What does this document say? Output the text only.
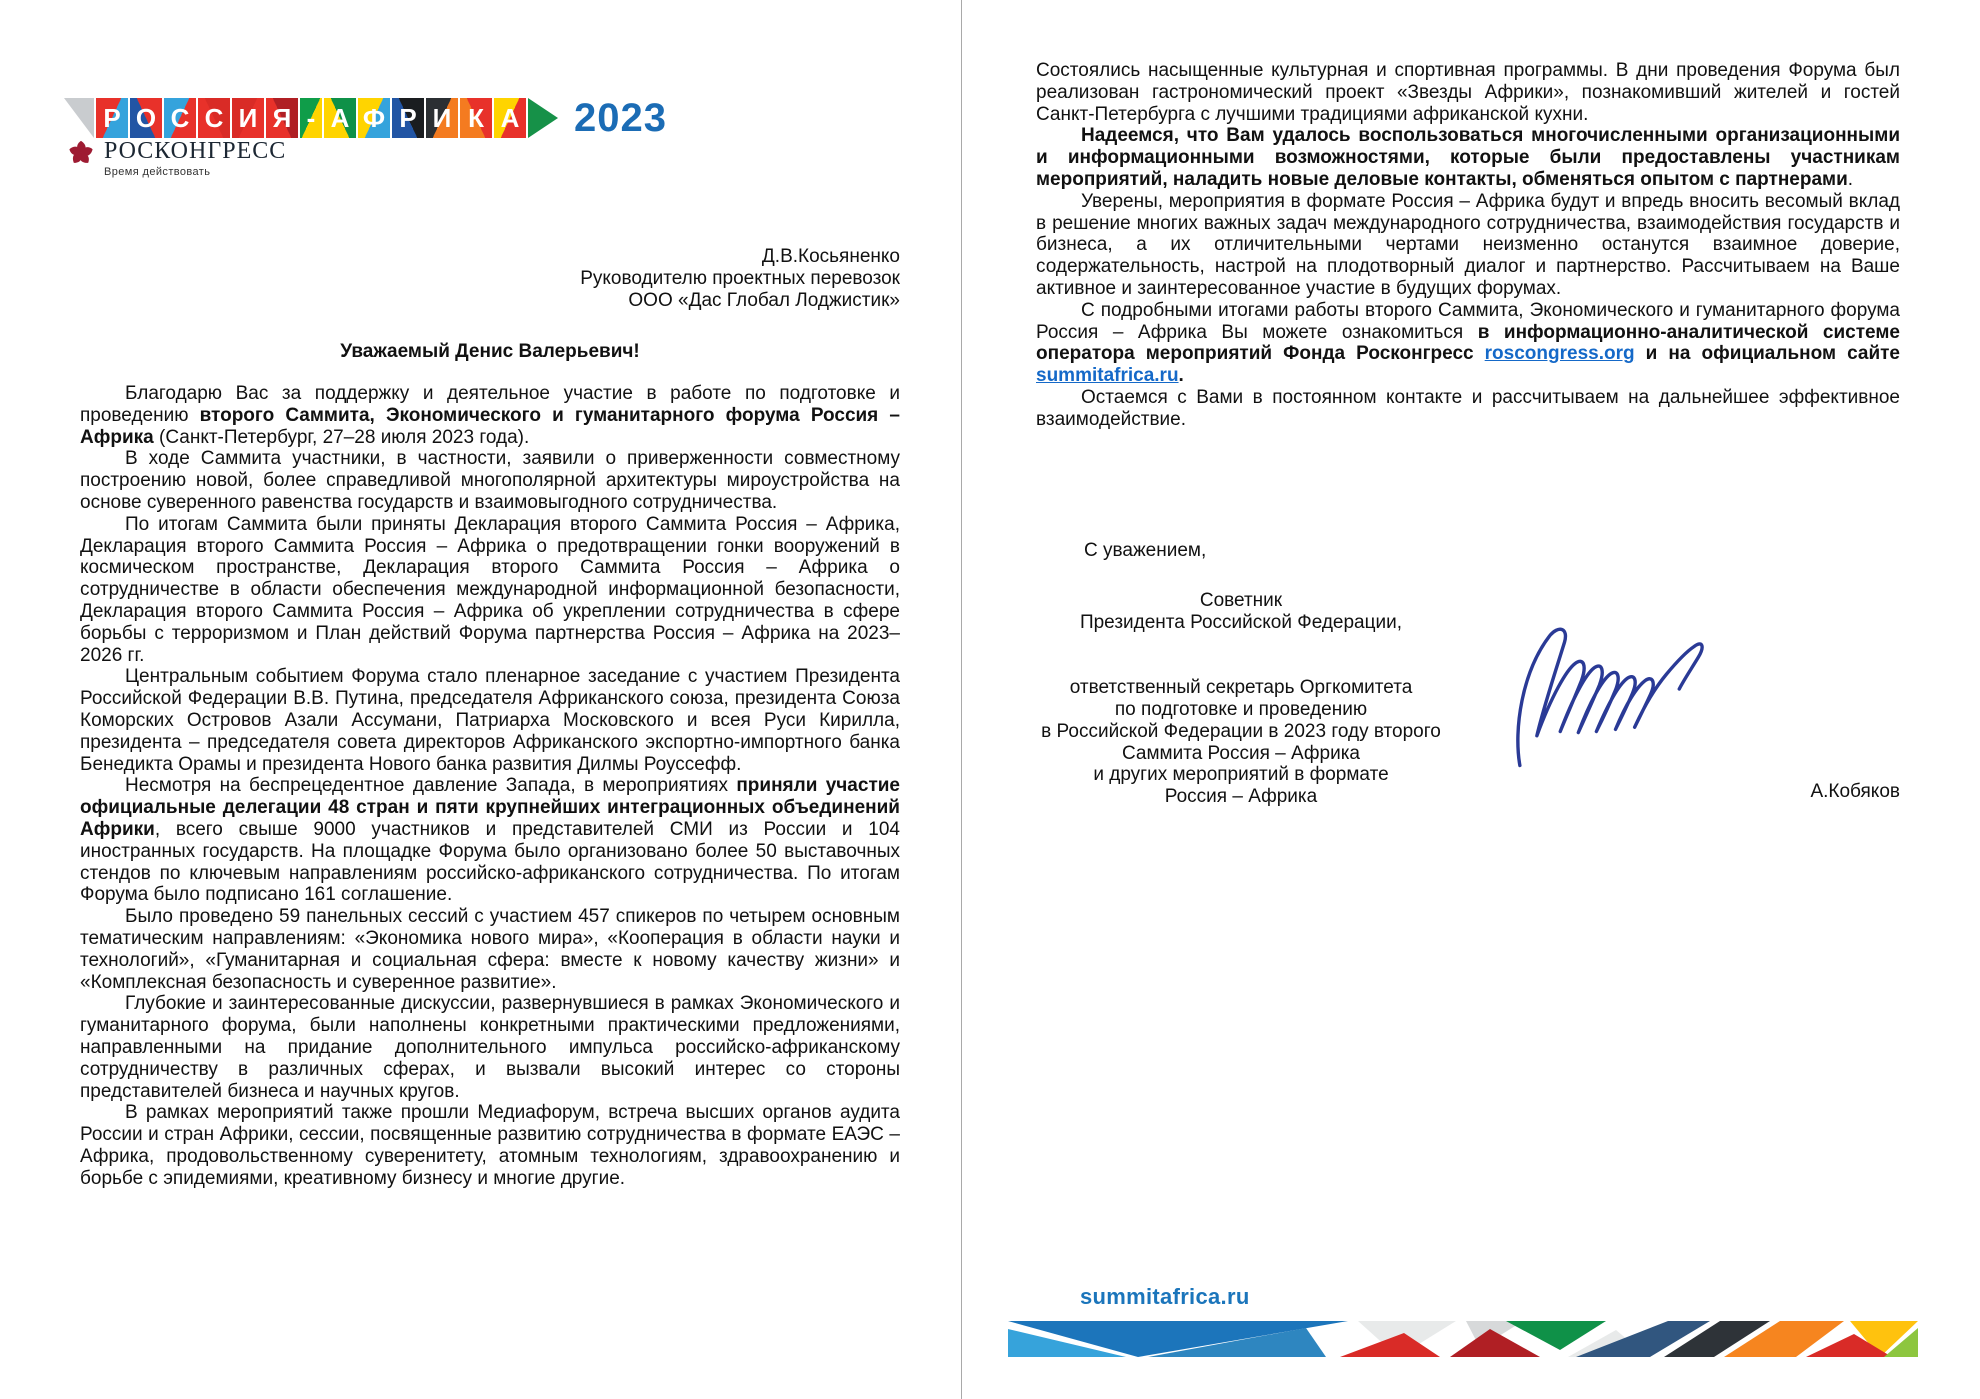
Р О С С И Я - А Ф Р И К А 2023
РОСКОНГРЕСС
Время действовать
Д.В.Косьяненко
Руководителю проектных перевозок
ООО «Дас Глобал Лоджистик»
Уважаемый Денис Валерьевич!

Благодарю Вас за поддержку и деятельное участие в работе по подготовке и проведению второго Саммита, Экономического и гуманитарного форума Россия – Африка (Санкт-Петербург, 27–28 июля 2023 года).

В ходе Саммита участники, в частности, заявили о приверженности совместному построению новой, более справедливой многополярной архитектуры мироустройства на основе суверенного равенства государств и взаимовыгодного сотрудничества.

По итогам Саммита были приняты Декларация второго Саммита Россия – Африка, Декларация второго Саммита Россия – Африка о предотвращении гонки вооружений в космическом пространстве, Декларация второго Саммита Россия – Африка о сотрудничестве в области обеспечения международной информационной безопасности, Декларация второго Саммита Россия – Африка об укреплении сотрудничества в сфере борьбы с терроризмом и План действий Форума партнерства Россия – Африка на 2023–2026 гг.

Центральным событием Форума стало пленарное заседание с участием Президента Российской Федерации В.В. Путина, председателя Африканского союза, президента Союза Коморских Островов Азали Ассумани, Патриарха Московского и всея Руси Кирилла, президента – председателя совета директоров Африканского экспортно-импортного банка Бенедикта Орамы и президента Нового банка развития Дилмы Роуссефф.

Несмотря на беспрецедентное давление Запада, в мероприятиях приняли участие официальные делегации 48 стран и пяти крупнейших интеграционных объединений Африки, всего свыше 9000 участников и представителей СМИ из России и 104 иностранных государств. На площадке Форума было организовано более 50 выставочных стендов по ключевым направлениям российско-африканского сотрудничества. По итогам Форума было подписано 161 соглашение.

Было проведено 59 панельных сессий с участием 457 спикеров по четырем основным тематическим направлениям: «Экономика нового мира», «Кооперация в области науки и технологий», «Гуманитарная и социальная сфера: вместе к новому качеству жизни» и «Комплексная безопасность и суверенное развитие».

Глубокие и заинтересованные дискуссии, развернувшиеся в рамках Экономического и гуманитарного форума, были наполнены конкретными практическими предложениями, направленными на придание дополнительного импульса российско-африканскому сотрудничеству в различных сферах, и вызвали высокий интерес со стороны представителей бизнеса и научных кругов.

В рамках мероприятий также прошли Медиафорум, встреча высших органов аудита России и стран Африки, сессии, посвященные развитию сотрудничества в формате ЕАЭС – Африка, продовольственному суверенитету, атомным технологиям, здравоохранению и борьбе с эпидемиями, креативному бизнесу и многие другие.

Состоялись насыщенные культурная и спортивная программы. В дни проведения Форума был реализован гастрономический проект «Звезды Африки», познакомивший жителей и гостей Санкт-Петербурга с лучшими традициями африканской кухни.

Надеемся, что Вам удалось воспользоваться многочисленными организационными и информационными возможностями, которые были предоставлены участникам мероприятий, наладить новые деловые контакты, обменяться опытом с партнерами.

Уверены, мероприятия в формате Россия – Африка будут и впредь вносить весомый вклад в решение многих важных задач международного сотрудничества, взаимодействия государств и бизнеса, а их отличительными чертами неизменно останутся взаимное доверие, содержательность, настрой на плодотворный диалог и партнерство. Рассчитываем на Ваше активное и заинтересованное участие в будущих форумах.

С подробными итогами работы второго Саммита, Экономического и гуманитарного форума Россия – Африка Вы можете ознакомиться в информационно-аналитической системе оператора мероприятий Фонда Росконгресс roscongress.org и на официальном сайте summitafrica.ru.

Остаемся с Вами в постоянном контакте и рассчитываем на дальнейшее эффективное взаимодействие.

С уважением,
Советник
Президента Российской Федерации,

ответственный секретарь Оргкомитета
по подготовке и проведению
в Российской Федерации в 2023 году второго
Саммита Россия – Африка
и других мероприятий в формате
Россия – Африка	А.Кобяков
summitafrica.ru
